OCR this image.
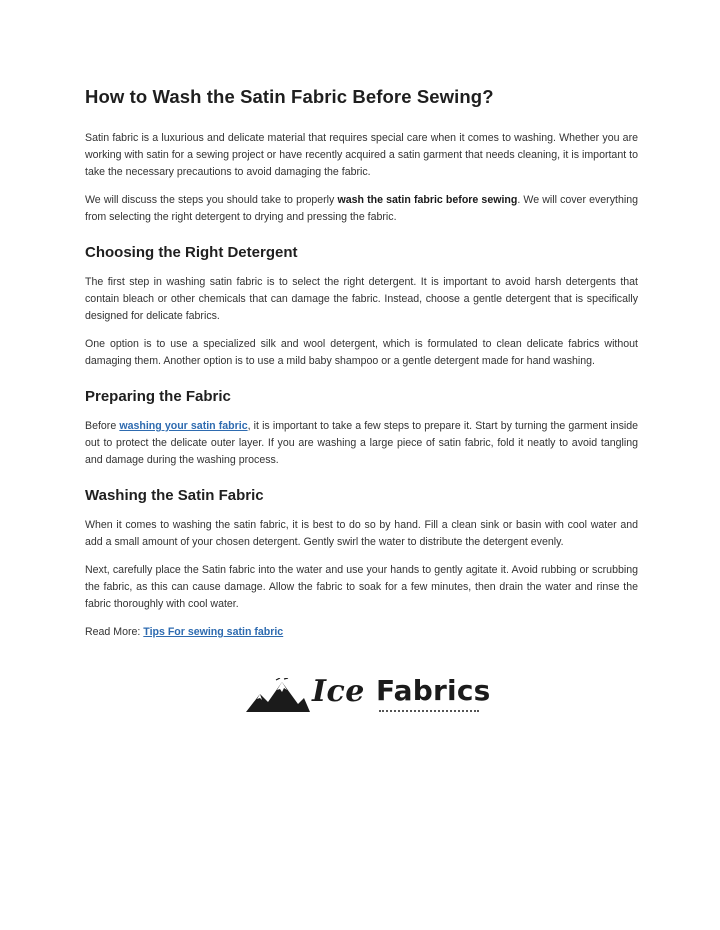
How to Wash the Satin Fabric Before Sewing?

Satin fabric is a luxurious and delicate material that requires special care when it comes to washing. Whether you are working with satin for a sewing project or have recently acquired a satin garment that needs cleaning, it is important to take the necessary precautions to avoid damaging the fabric.

We will discuss the steps you should take to properly wash the satin fabric before sewing. We will cover everything from selecting the right detergent to drying and pressing the fabric.

Choosing the Right Detergent

The first step in washing satin fabric is to select the right detergent. It is important to avoid harsh detergents that contain bleach or other chemicals that can damage the fabric. Instead, choose a gentle detergent that is specifically designed for delicate fabrics.

One option is to use a specialized silk and wool detergent, which is formulated to clean delicate fabrics without damaging them. Another option is to use a mild baby shampoo or a gentle detergent made for hand washing.

Preparing the Fabric

Before washing your satin fabric, it is important to take a few steps to prepare it. Start by turning the garment inside out to protect the delicate outer layer. If you are washing a large piece of satin fabric, fold it neatly to avoid tangling and damage during the washing process.

Washing the Satin Fabric

When it comes to washing the satin fabric, it is best to do so by hand. Fill a clean sink or basin with cool water and add a small amount of your chosen detergent. Gently swirl the water to distribute the detergent evenly.

Next, carefully place the Satin fabric into the water and use your hands to gently agitate it. Avoid rubbing or scrubbing the fabric, as this can cause damage. Allow the fabric to soak for a few minutes, then drain the water and rinse the fabric thoroughly with cool water.

Read More: Tips For sewing satin fabric

Ice Fabrics
